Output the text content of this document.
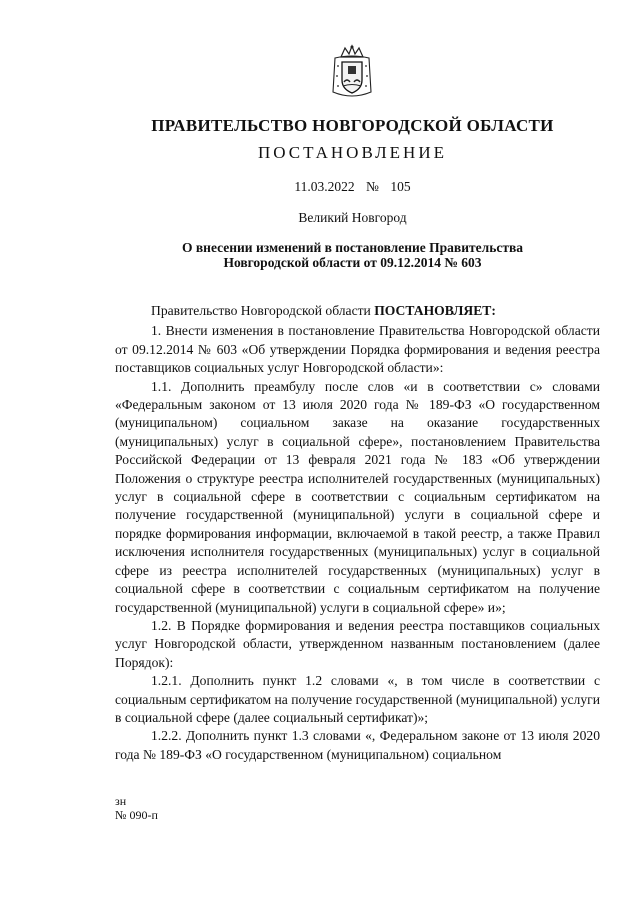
ПРАВИТЕЛЬСТВО НОВГОРОДСКОЙ ОБЛАСТИ
ПОСТАНОВЛЕНИЕ
11.03.2022 № 105
Великий Новгород
О внесении изменений в постановление Правительства
Новгородской области от 09.12.2014 № 603

Правительство Новгородской области ПОСТАНОВЛЯЕТ:

1. Внести изменения в постановление Правительства Новгородской области от 09.12.2014 № 603 «Об утверждении Порядка формирования и ведения реестра поставщиков социальных услуг Новгородской области»:

1.1. Дополнить преамбулу после слов «и в соответствии с» словами «Федеральным законом от 13 июля 2020 года № 189-ФЗ «О государственном (муниципальном) социальном заказе на оказание государственных (муниципальных) услуг в социальной сфере», постановлением Правительства Российской Федерации от 13 февраля 2021 года № 183 «Об утверждении Положения о структуре реестра исполнителей государственных (муниципальных) услуг в социальной сфере в соответствии с социальным сертификатом на получение государственной (муниципальной) услуги в социальной сфере и порядке формирования информации, включаемой в такой реестр, а также Правил исключения исполнителя государственных (муниципальных) услуг в социальной сфере из реестра исполнителей государственных (муниципальных) услуг в социальной сфере в соответствии с социальным сертификатом на получение государственной (муниципальной) услуги в социальной сфере» и»;

1.2. В Порядке формирования и ведения реестра поставщиков социальных услуг Новгородской области, утвержденном названным постановлением (далее Порядок):

1.2.1. Дополнить пункт 1.2 словами «, в том числе в соответствии с социальным сертификатом на получение государственной (муниципальной) услуги в социальной сфере (далее социальный сертификат)»;

1.2.2. Дополнить пункт 1.3 словами «, Федеральном законе от 13 июля 2020 года № 189-ФЗ «О государственном (муниципальном) социальном

зн
№ 090-п
